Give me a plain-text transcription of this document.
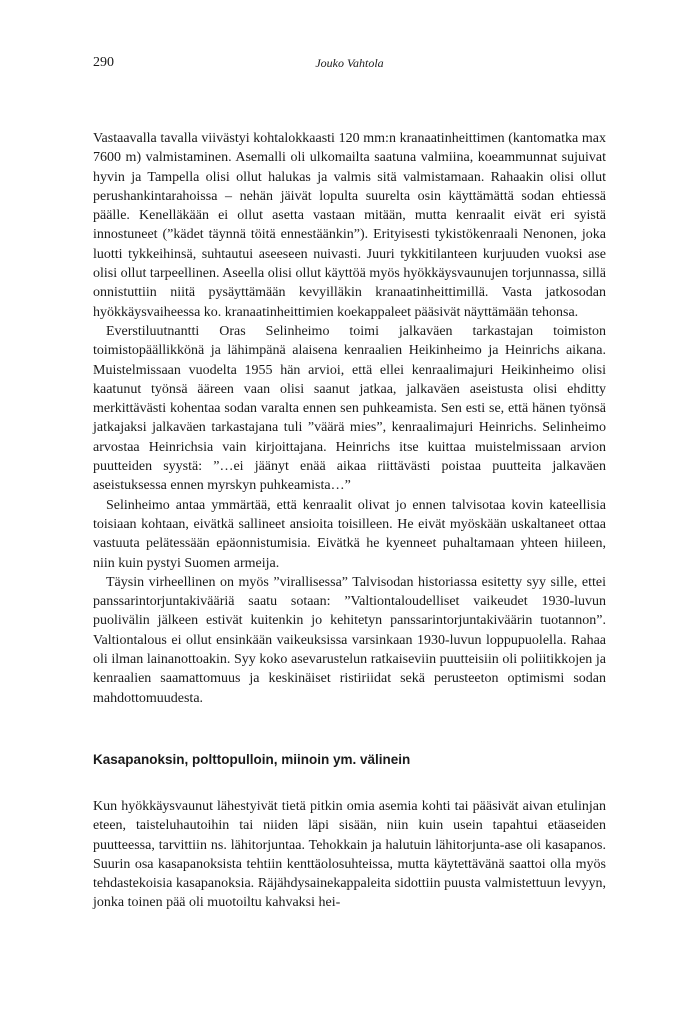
290	Jouko Vahtola

Vastaavalla tavalla viivästyi kohtalokkaasti 120 mm:n kranaatinheittimen (kantomatka max 7600 m) valmistaminen. Asemalli oli ulkomailta saatuna valmiina, koeammunnat sujuivat hyvin ja Tampella olisi ollut halukas ja valmis sitä valmistamaan. Rahaakin olisi ollut perushankintarahoissa – nehän jäivät lopulta suurelta osin käyttämättä sodan ehtiessä päälle. Kenelläkään ei ollut asetta vastaan mitään, mutta kenraalit eivät eri syistä innostuneet (”kädet täynnä töitä ennestäänkin”). Erityisesti tykistökenraali Nenonen, joka luotti tykkeihinsä, suhtautui aseeseen nuivasti. Juuri tykkitilanteen kurjuuden vuoksi ase olisi ollut tarpeellinen. Aseella olisi ollut käyttöä myös hyökkäysvaunujen torjunnassa, sillä onnistuttiin niitä pysäyttämään kevyilläkin kranaatinheittimillä. Vasta jatkosodan hyökkäysvaiheessa ko. kranaatinheittimien koekappaleet pääsivät näyttämään tehonsa.

Everstiluutnantti Oras Selinheimo toimi jalkaväen tarkastajan toimiston toimistopäällikkönä ja lähimpänä alaisena kenraalien Heikinheimo ja Heinrichs aikana. Muistelmissaan vuodelta 1955 hän arvioi, että ellei kenraalimajuri Heikinheimo olisi kaatunut työnsä ääreen vaan olisi saanut jatkaa, jalkaväen aseistusta olisi ehditty merkittävästi kohentaa sodan varalta ennen sen puhkeamista. Sen esti se, että hänen työnsä jatkajaksi jalkaväen tarkastajana tuli ”väärä mies”, kenraalimajuri Heinrichs. Selinheimo arvostaa Heinrichsia vain kirjoittajana. Heinrichs itse kuittaa muistelmissaan arvion puutteiden syystä: ”…ei jäänyt enää aikaa riittävästi poistaa puutteita jalkaväen aseistuksessa ennen myrskyn puhkeamista…”

Selinheimo antaa ymmärtää, että kenraalit olivat jo ennen talvisotaa kovin kateellisia toisiaan kohtaan, eivätkä sallineet ansioita toisilleen. He eivät myöskään uskaltaneet ottaa vastuuta pelätessään epäonnistumisia. Eivätkä he kyenneet puhaltamaan yhteen hiileen, niin kuin pystyi Suomen armeija.

Täysin virheellinen on myös ”virallisessa” Talvisodan historiassa esitetty syy sille, ettei panssarintorjuntakivääriä saatu sotaan: ”Valtiontaloudelliset vaikeudet 1930-luvun puolivälin jälkeen estivät kuitenkin jo kehitetyn panssarintorjuntakiväärin tuotannon”. Valtiontalous ei ollut ensinkään vaikeuksissa varsinkaan 1930-luvun loppupuolella. Rahaa oli ilman lainanottoakin. Syy koko asevarustelun ratkaiseviin puutteisiin oli poliitikkojen ja kenraalien saamattomuus ja keskinäiset ristiriidat sekä perusteeton optimismi sodan mahdottomuudesta.

Kasapanoksin, polttopulloin, miinoin ym. välinein

Kun hyökkäysvaunut lähestyivät tietä pitkin omia asemia kohti tai pääsivät aivan etulinjan eteen, taisteluhautoihin tai niiden läpi sisään, niin kuin usein tapahtui etäaseiden puutteessa, tarvittiin ns. lähitorjuntaa. Tehokkain ja halutuin lähitorjunta-ase oli kasapanos. Suurin osa kasapanoksista tehtiin kenttäolosuhteissa, mutta käytettävänä saattoi olla myös tehdastekoisia kasapanoksia. Räjähdysainekappaleita sidottiin puusta valmistettuun levyyn, jonka toinen pää oli muotoiltu kahvaksi hei-
